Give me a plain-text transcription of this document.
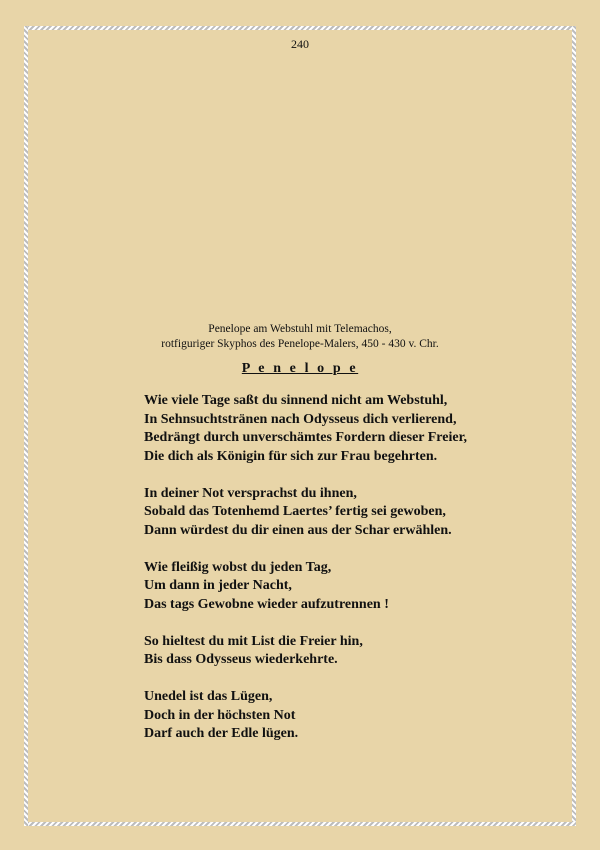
240
Penelope am Webstuhl mit Telemachos,
rotfiguriger Skyphos des Penelope-Malers, 450 - 430 v. Chr.
P e n e l o p e
Wie viele Tage saßt du sinnend nicht am Webstuhl,
In Sehnsuchtstränen nach Odysseus dich verlierend,
Bedrängt durch unverschämtes Fordern dieser Freier,
Die dich als Königin für sich zur Frau begehrten.
In deiner Not versprachst du ihnen,
Sobald das Totenhemd Laertes’ fertig sei gewoben,
Dann würdest du dir einen aus der Schar erwählen.
Wie fleißig wobst du jeden Tag,
Um dann in jeder Nacht,
Das tags Gewobne wieder aufzutrennen !
So hieltest du mit List die Freier hin,
Bis dass Odysseus wiederkehrte.
Unedel ist das Lügen,
Doch in der höchsten Not
Darf auch der Edle lügen.
